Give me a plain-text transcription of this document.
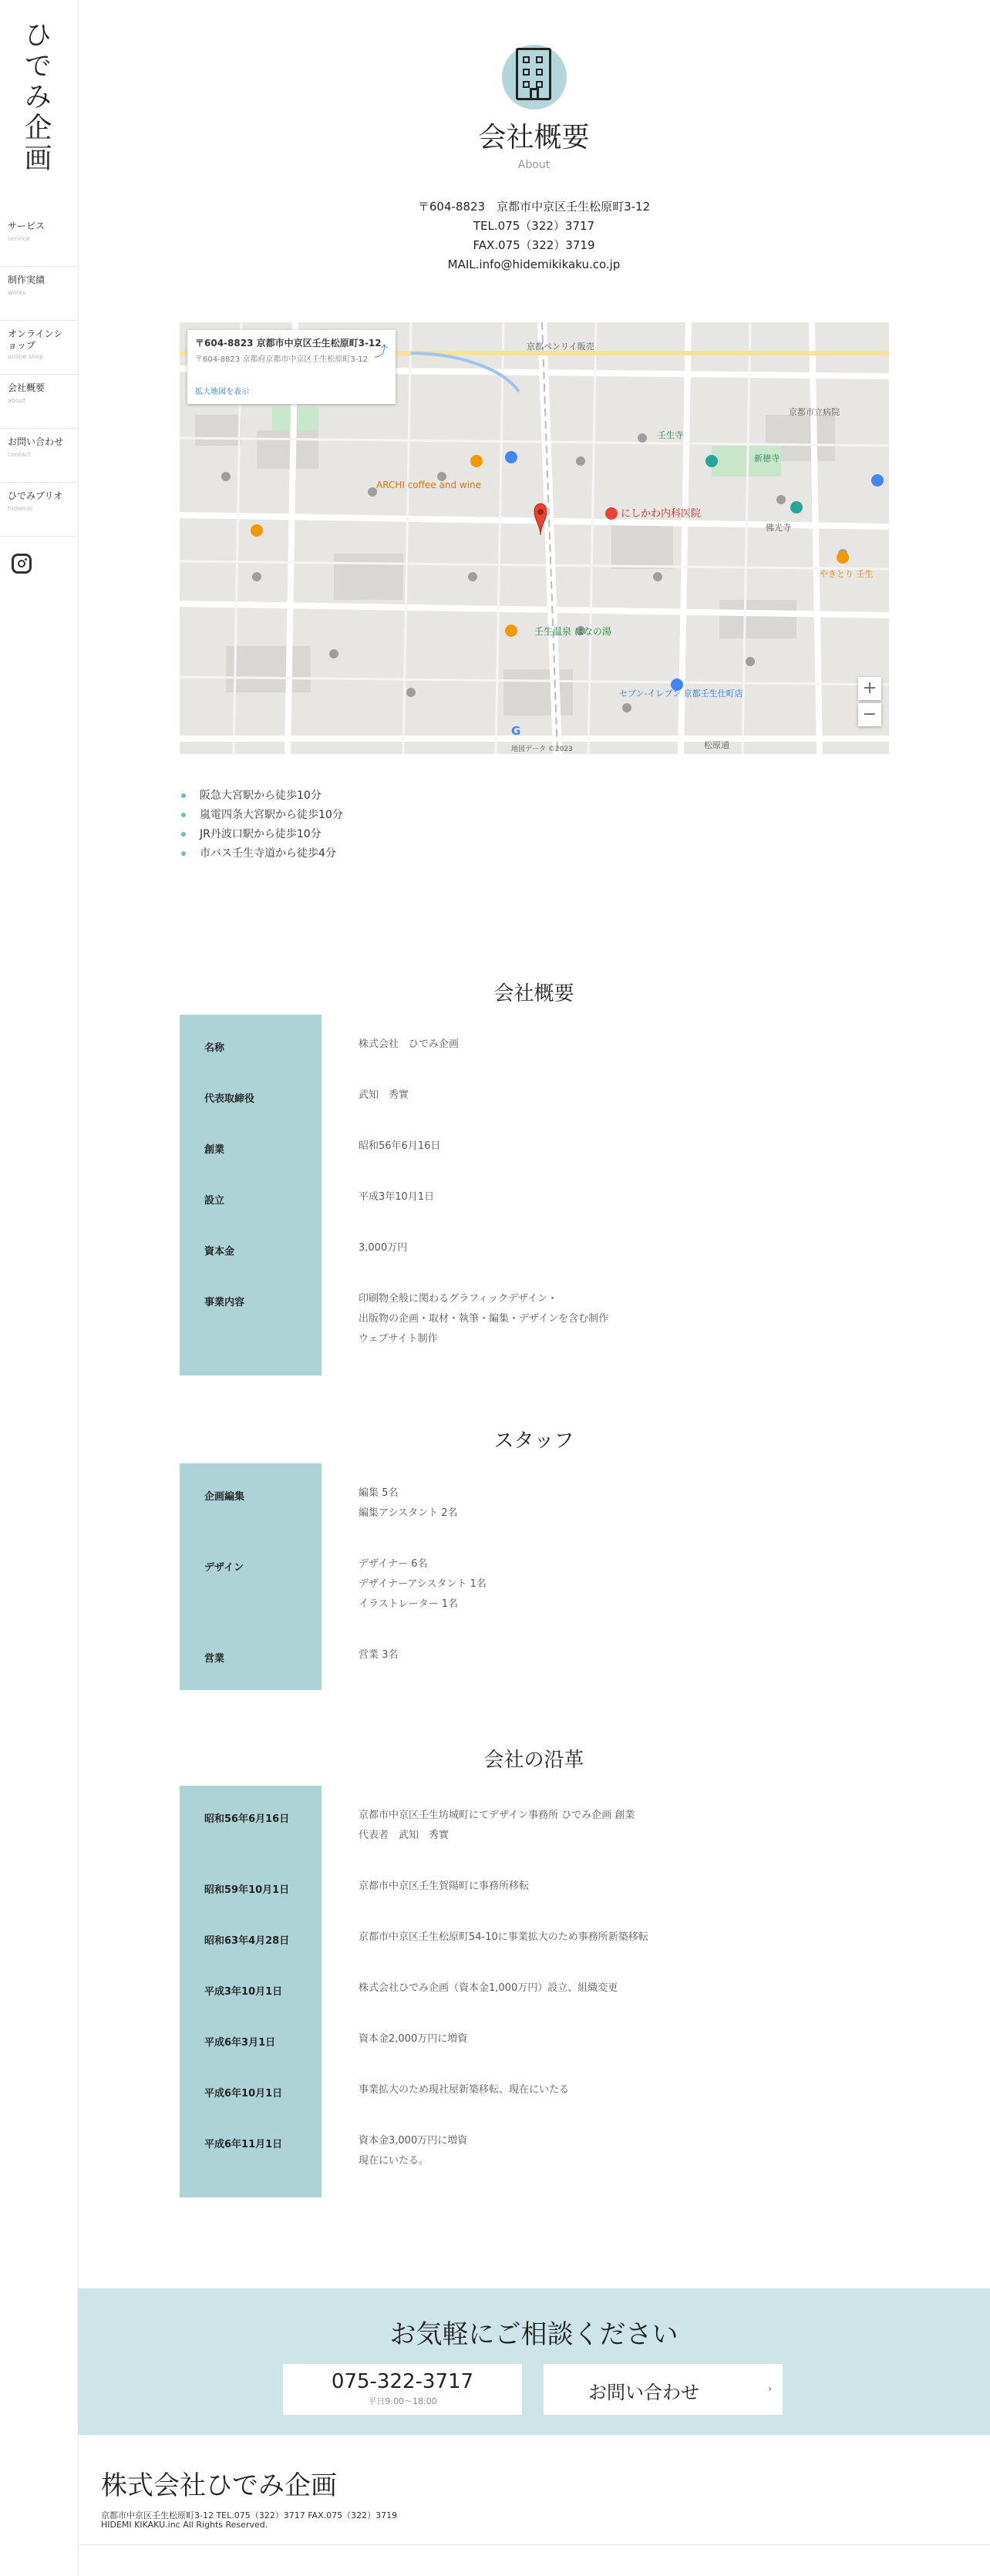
ひでみ企画
サービス
service
制作実績
works
オンラインショップ
online shop
会社概要
about
お問い合わせ
contact
ひでみブリオ
hidemio
会社概要
About
〒604-8823　京都市中京区壬生松原町3-12
TEL.075（322）3717
FAX.075（322）3719
MAIL.info@hidemikikaku.co.jp
京都ペンリイ販売
壬生寺
新徳寺
にしかわ内科医院
壬生温泉 はなの湯
ARCHI coffee and wine
セブン-イレブン 京都壬生仕町店
佛光寺
松原通
京都市立病院
やきとり 壬生
地図データ ©2023
G
〒604-8823 京都市中京区壬生松原町3-12
〒604-8823 京都府京都市中京区壬生松原町3-12 ⤴
拡大地図を表示
+
−
阪急大宮駅から徒歩10分
嵐電四条大宮駅から徒歩10分
JR丹波口駅から徒歩10分
市バス壬生寺道から徒歩4分
会社概要
名称	株式会社　ひでみ企画
代表取締役	武知　秀實
創業	昭和56年6月16日
設立	平成3年10月1日
資本金	3,000万円
事業内容	印刷物全般に関わるグラフィックデザイン・
出版物の企画・取材・執筆・編集・デザインを含む制作
ウェブサイト制作
スタッフ
企画編集	編集 5名
編集アシスタント 2名
デザイン	デザイナー 6名
デザイナーアシスタント 1名
イラストレーター 1名
営業	営業 3名
会社の沿革
昭和56年6月16日	京都市中京区壬生坊城町にてデザイン事務所 ひでみ企画 創業
代表者　武知　秀實
昭和59年10月1日	京都市中京区壬生賀陽町に事務所移転
昭和63年4月28日	京都市中京区壬生松原町54-10に事業拡大のため事務所新築移転
平成3年10月1日	株式会社ひでみ企画（資本金1,000万円）設立、組織変更
平成6年3月1日	資本金2,000万円に増資
平成6年10月1日	事業拡大のため現社屋新築移転、現在にいたる
平成6年11月1日	資本金3,000万円に増資
現在にいたる。
お気軽にご相談ください
075-322-3717
平日9:00〜18:00	お問い合わせ	›
株式会社ひでみ企画
京都市中京区壬生松原町3-12 TEL.075（322）3717 FAX.075（322）3719
HIDEMI KIKAKU.inc All Rights Reserved.
